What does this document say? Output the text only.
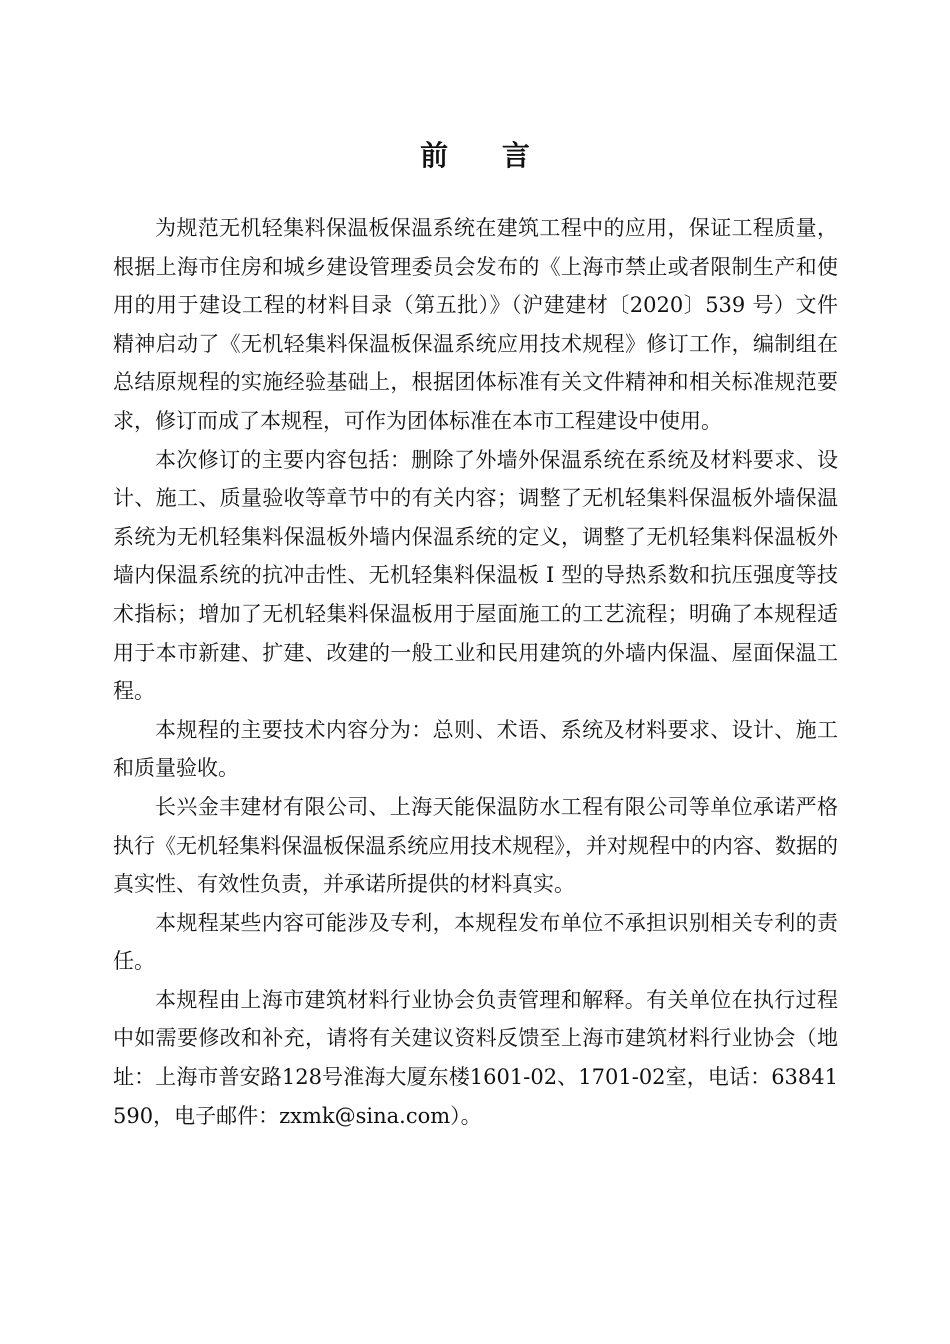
前 言

为规范无机轻集料保温板保温系统在建筑工程中的应用，保证工程质量，根据上海市住房和城乡建设管理委员会发布的《上海市禁止或者限制生产和使用的用于建设工程的材料目录（第五批）》（沪建建材〔2020〕539 号）文件精神启动了《无机轻集料保温板保温系统应用技术规程》修订工作，编制组在总结原规程的实施经验基础上，根据团体标准有关文件精神和相关标准规范要求，修订而成了本规程，可作为团体标准在本市工程建设中使用。

本次修订的主要内容包括：删除了外墙外保温系统在系统及材料要求、设计、施工、质量验收等章节中的有关内容；调整了无机轻集料保温板外墙保温系统为无机轻集料保温板外墙内保温系统的定义，调整了无机轻集料保温板外墙内保温系统的抗冲击性、无机轻集料保温板 I 型的导热系数和抗压强度等技术指标；增加了无机轻集料保温板用于屋面施工的工艺流程；明确了本规程适用于本市新建、扩建、改建的一般工业和民用建筑的外墙内保温、屋面保温工程。

本规程的主要技术内容分为：总则、术语、系统及材料要求、设计、施工和质量验收。

长兴金丰建材有限公司、上海天能保温防水工程有限公司等单位承诺严格执行《无机轻集料保温板保温系统应用技术规程》，并对规程中的内容、数据的真实性、有效性负责，并承诺所提供的材料真实。

本规程某些内容可能涉及专利，本规程发布单位不承担识别相关专利的责任。

本规程由上海市建筑材料行业协会负责管理和解释。有关单位在执行过程中如需要修改和补充，请将有关建议资料反馈至上海市建筑材料行业协会（地址：上海市普安路128号淮海大厦东楼1601-02、1701-02室，电话：63841590，电子邮件：zxmk@sina.com）。
